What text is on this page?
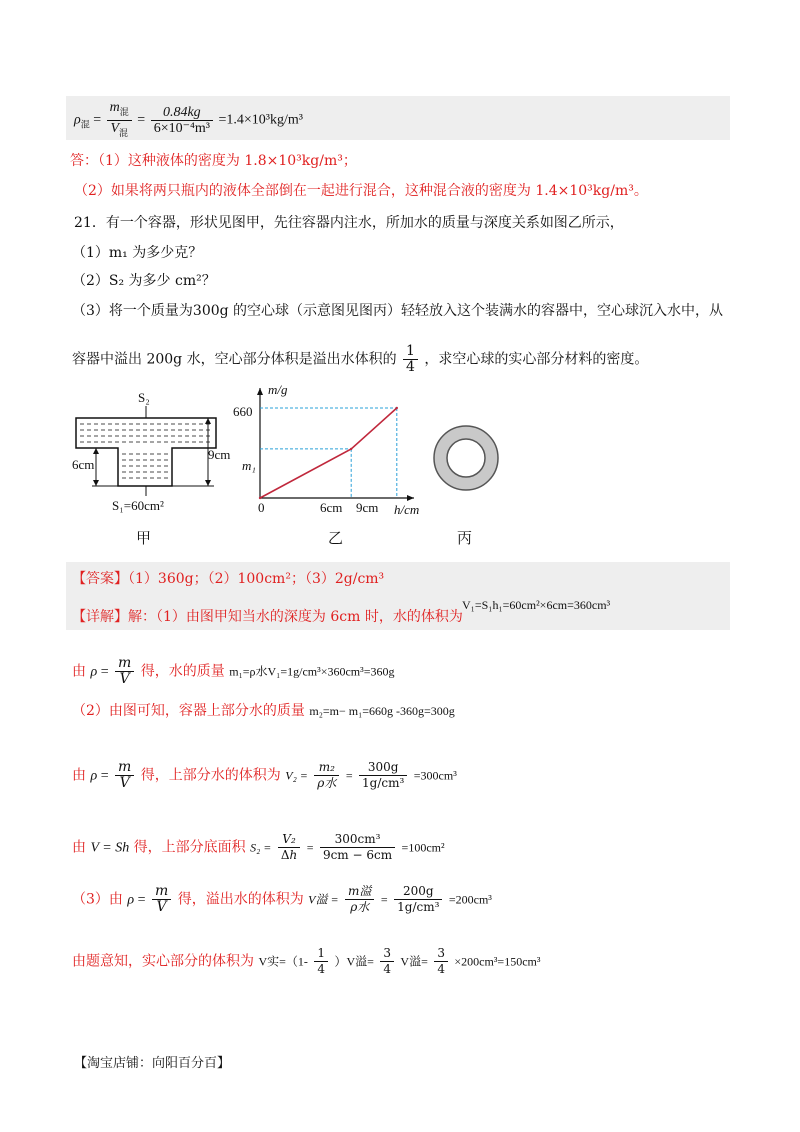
$\rho_混 = \frac{m_混}{V_混} = \frac{0.84kg}{\text{6×10⁻⁴m³}} =1.4\times 10^3kg/m^3$
答：（1）这种液体的密度为 1.8×10³kg/m³；
（2）如果将两只瓶内的液体全部倒在一起进行混合，这种混合液的密度为 1.4×10³kg/m³。
21．有一个容器，形状见图甲，先往容器内注水，所加水的质量与深度关系如图乙所示，
（1）m₁ 为多少克？
（2）S₂ 为多少 cm²？
（3）将一个质量为300g 的空心球（示意图见图丙）轻轻放入这个装满水的容器中，空心球沉入水中，从
容器中溢出 200g 水，空心部分体积是溢出水体积的 $\frac{1}{4}$ ，求空心球的实心部分材料的密度。
S₂
6cm
9cm
S₁=60cm²
甲
m/g
660
m₁
0	6cm 9cm h/cm
乙	丙
【答案】（1）360g；（2）100cm²；（3）2g/cm³
【详解】解：（1）由图甲知当水的深度为 6cm 时，水的体积为
V₁=S₁h₁=60cm²×6cm=360cm³
由 $\rho = \frac{m}{V}$ 得，水的质量 m₁=ρ水V₁=1g/cm³×360cm³=360g
（2）由图可知，容器上部分水的质量 m₂=m− m₁=660g -360g=300g
由 $\rho = \frac{m}{V}$ 得，上部分水的体积为 $V_2 = \frac{\text{m₂}}{\text{ρ水}} = \frac{300g}{\text{1g/cm³}} =300cm^3$
由 V = Sh 得，上部分底面积 $S_2 = \frac{\text{V₂}}{\Delta h} = \frac{\text{300cm³}}{9cm - 6cm} =100cm^2$
（3）由 $\rho = \frac{m}{V}$ 得，溢出水的体积为 V溢 = $\frac{\text{m溢}}{\text{ρ水}} = \frac{200g}{\text{1g/cm³}} =200cm^3$
由题意知，实心部分的体积为 V实$=(1- \frac{1}{4} )V$溢= $\frac{3}{4}$ V溢= $\frac{3}{4} \times 200cm^3=150cm^3$
【淘宝店铺：向阳百分百】
